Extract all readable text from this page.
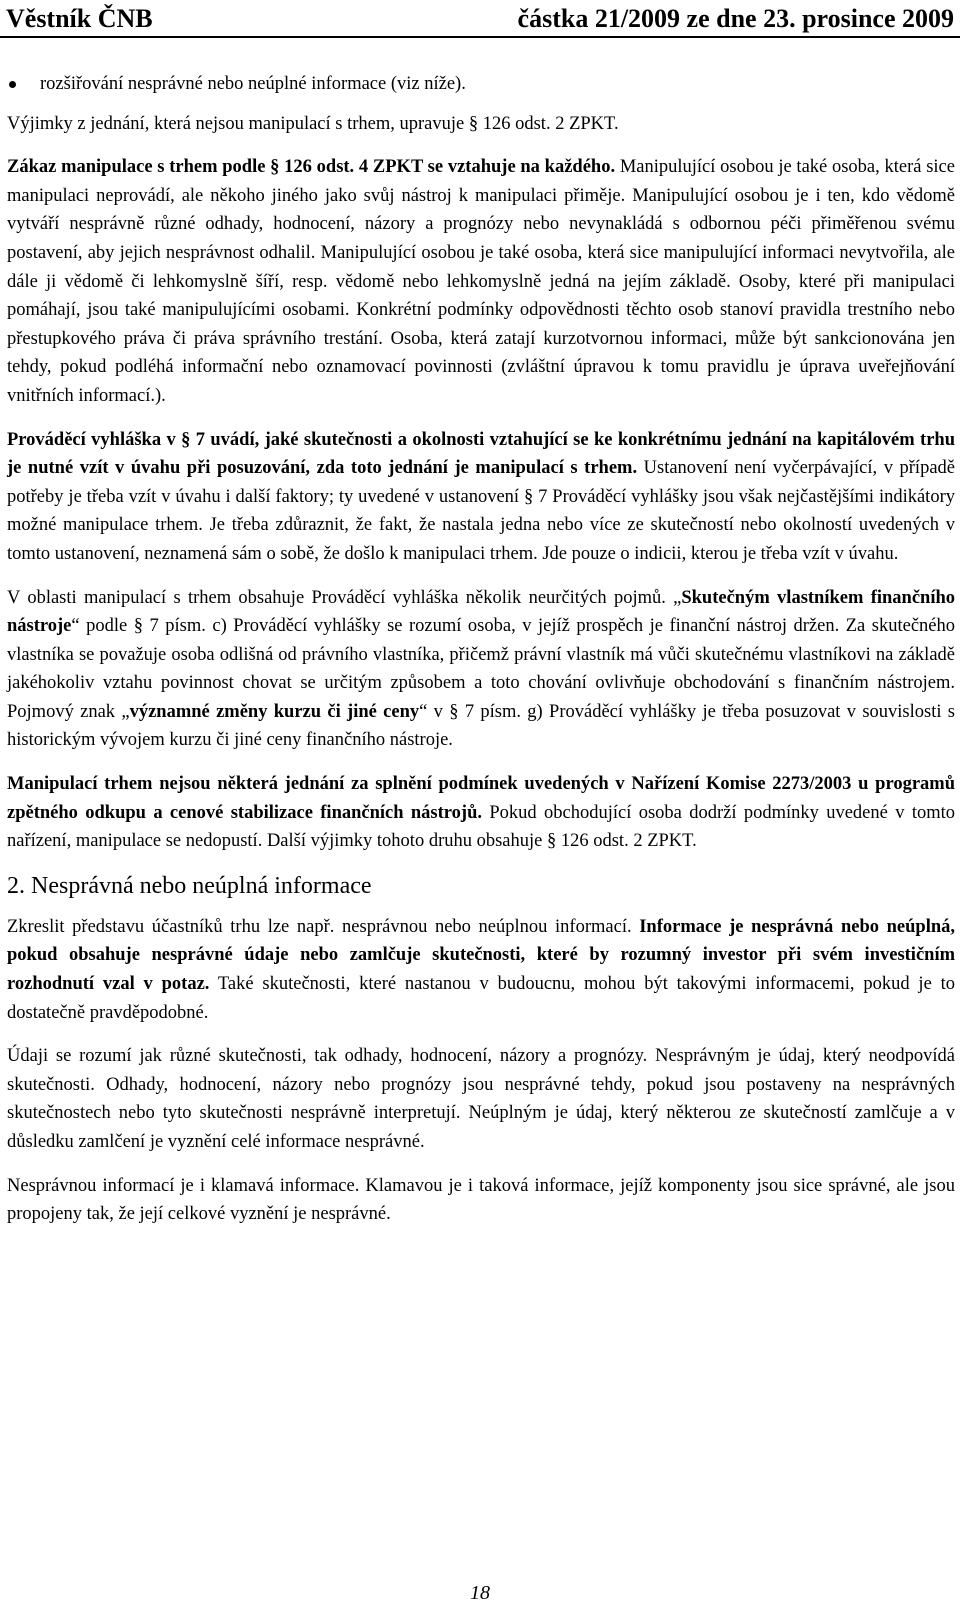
Věstník ČNB	částka 21/2009 ze dne 23. prosince 2009
rozšiřování nesprávné nebo neúplné informace (viz níže).

Výjimky z jednání, která nejsou manipulací s trhem, upravuje § 126 odst. 2 ZPKT.

Zákaz manipulace s trhem podle § 126 odst. 4 ZPKT se vztahuje na každého. Manipulující osobou je také osoba, která sice manipulaci neprovádí, ale někoho jiného jako svůj nástroj k manipulaci přiměje. Manipulující osobou je i ten, kdo vědomě vytváří nesprávně různé odhady, hodnocení, názory a prognózy nebo nevynakládá s odbornou péči přiměřenou svému postavení, aby jejich nesprávnost odhalil. Manipulující osobou je také osoba, která sice manipulující informaci nevytvořila, ale dále ji vědomě či lehkomyslně šíří, resp. vědomě nebo lehkomyslně jedná na jejím základě. Osoby, které při manipulaci pomáhají, jsou také manipulujícími osobami. Konkrétní podmínky odpovědnosti těchto osob stanoví pravidla trestního nebo přestupkového práva či práva správního trestání. Osoba, která zatají kurzotvornou informaci, může být sankcionována jen tehdy, pokud podléhá informační nebo oznamovací povinnosti (zvláštní úpravou k tomu pravidlu je úprava uveřejňování vnitřních informací.).

Prováděcí vyhláška v § 7 uvádí, jaké skutečnosti a okolnosti vztahující se ke konkrétnímu jednání na kapitálovém trhu je nutné vzít v úvahu při posuzování, zda toto jednání je manipulací s trhem. Ustanovení není vyčerpávající, v případě potřeby je třeba vzít v úvahu i další faktory; ty uvedené v ustanovení § 7 Prováděcí vyhlášky jsou však nejčastějšími indikátory možné manipulace trhem. Je třeba zdůraznit, že fakt, že nastala jedna nebo více ze skutečností nebo okolností uvedených v tomto ustanovení, neznamená sám o sobě, že došlo k manipulaci trhem. Jde pouze o indicii, kterou je třeba vzít v úvahu.

V oblasti manipulací s trhem obsahuje Prováděcí vyhláška několik neurčitých pojmů. „Skutečným vlastníkem finančního nástroje“ podle § 7 písm. c) Prováděcí vyhlášky se rozumí osoba, v jejíž prospěch je finanční nástroj držen. Za skutečného vlastníka se považuje osoba odlišná od právního vlastníka, přičemž právní vlastník má vůči skutečnému vlastníkovi na základě jakéhokoliv vztahu povinnost chovat se určitým způsobem a toto chování ovlivňuje obchodování s finančním nástrojem. Pojmový znak „významné změny kurzu či jiné ceny“ v § 7 písm. g) Prováděcí vyhlášky je třeba posuzovat v souvislosti s historickým vývojem kurzu či jiné ceny finančního nástroje.

Manipulací trhem nejsou některá jednání za splnění podmínek uvedených v Nařízení Komise 2273/2003 u programů zpětného odkupu a cenové stabilizace finančních nástrojů. Pokud obchodující osoba dodrží podmínky uvedené v tomto nařízení, manipulace se nedopustí. Další výjimky tohoto druhu obsahuje § 126 odst. 2 ZPKT.

2. Nesprávná nebo neúplná informace

Zkreslit představu účastníků trhu lze např. nesprávnou nebo neúplnou informací. Informace je nesprávná nebo neúplná, pokud obsahuje nesprávné údaje nebo zamlčuje skutečnosti, které by rozumný investor při svém investičním rozhodnutí vzal v potaz. Také skutečnosti, které nastanou v budoucnu, mohou být takovými informacemi, pokud je to dostatečně pravděpodobné.

Údaji se rozumí jak různé skutečnosti, tak odhady, hodnocení, názory a prognózy. Nesprávným je údaj, který neodpovídá skutečnosti. Odhady, hodnocení, názory nebo prognózy jsou nesprávné tehdy, pokud jsou postaveny na nesprávných skutečnostech nebo tyto skutečnosti nesprávně interpretují. Neúplným je údaj, který některou ze skutečností zamlčuje a v důsledku zamlčení je vyznění celé informace nesprávné.

Nesprávnou informací je i klamavá informace. Klamavou je i taková informace, jejíž komponenty jsou sice správné, ale jsou propojeny tak, že její celkové vyznění je nesprávné.

18
